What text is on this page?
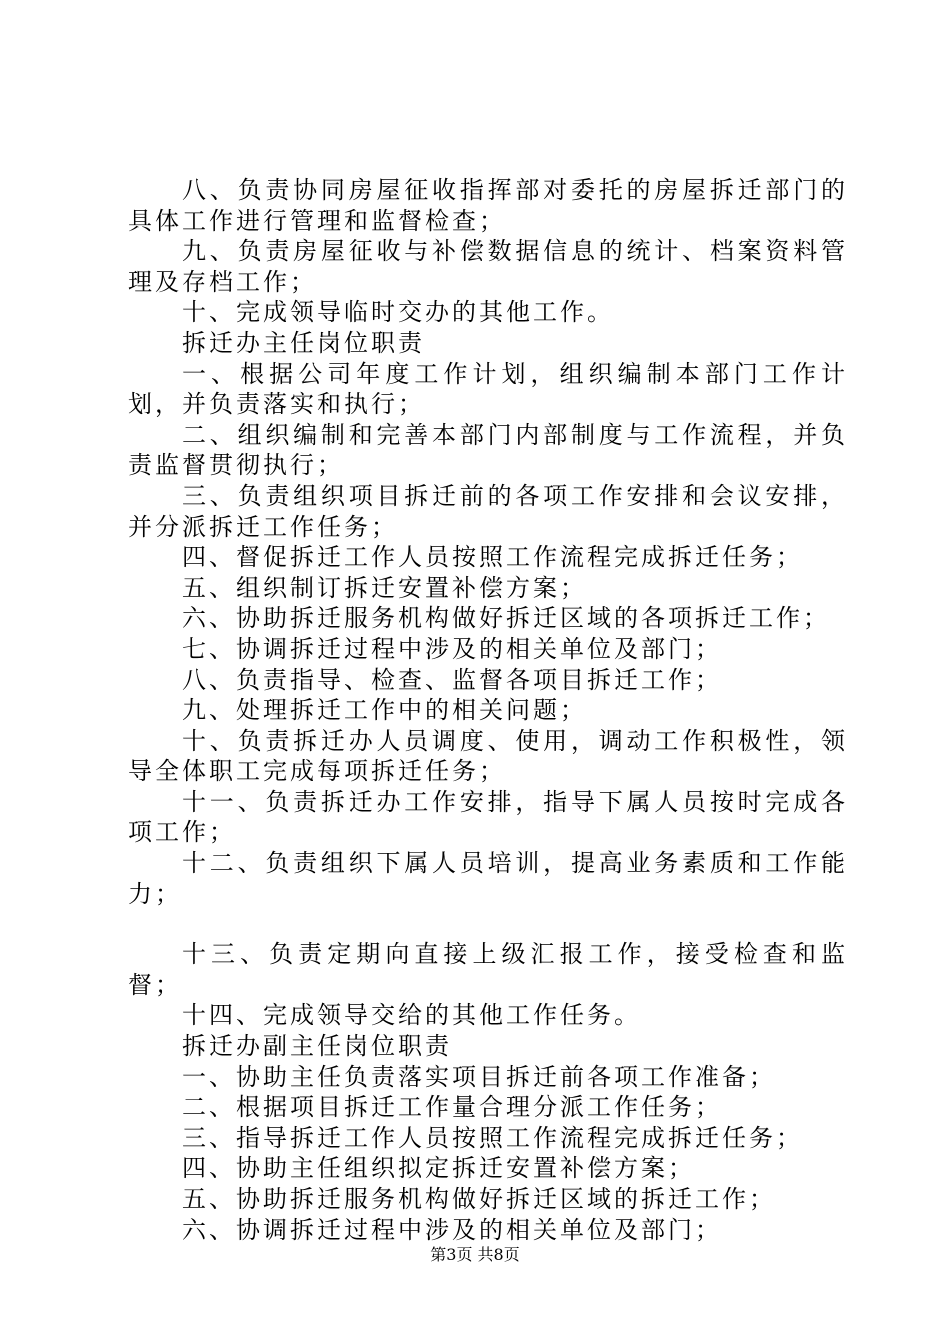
八、负责协同房屋征收指挥部对委托的房屋拆迁部门的具体工作进行管理和监督检查；

九、负责房屋征收与补偿数据信息的统计、档案资料管理及存档工作；

十、完成领导临时交办的其他工作。

拆迁办主任岗位职责

一、根据公司年度工作计划，组织编制本部门工作计划，并负责落实和执行；

二、组织编制和完善本部门内部制度与工作流程，并负责监督贯彻执行；

三、负责组织项目拆迁前的各项工作安排和会议安排，并分派拆迁工作任务；

四、督促拆迁工作人员按照工作流程完成拆迁任务；

五、组织制订拆迁安置补偿方案；

六、协助拆迁服务机构做好拆迁区域的各项拆迁工作；

七、协调拆迁过程中涉及的相关单位及部门；

八、负责指导、检查、监督各项目拆迁工作；

九、处理拆迁工作中的相关问题；

十、负责拆迁办人员调度、使用，调动工作积极性，领导全体职工完成每项拆迁任务；

十一、负责拆迁办工作安排，指导下属人员按时完成各项工作；

十二、负责组织下属人员培训，提高业务素质和工作能力；

十三、负责定期向直接上级汇报工作，接受检查和监督；

十四、完成领导交给的其他工作任务。

拆迁办副主任岗位职责

一、协助主任负责落实项目拆迁前各项工作准备；

二、根据项目拆迁工作量合理分派工作任务；

三、指导拆迁工作人员按照工作流程完成拆迁任务；

四、协助主任组织拟定拆迁安置补偿方案；

五、协助拆迁服务机构做好拆迁区域的拆迁工作；

六、协调拆迁过程中涉及的相关单位及部门；

第3页 共8页
